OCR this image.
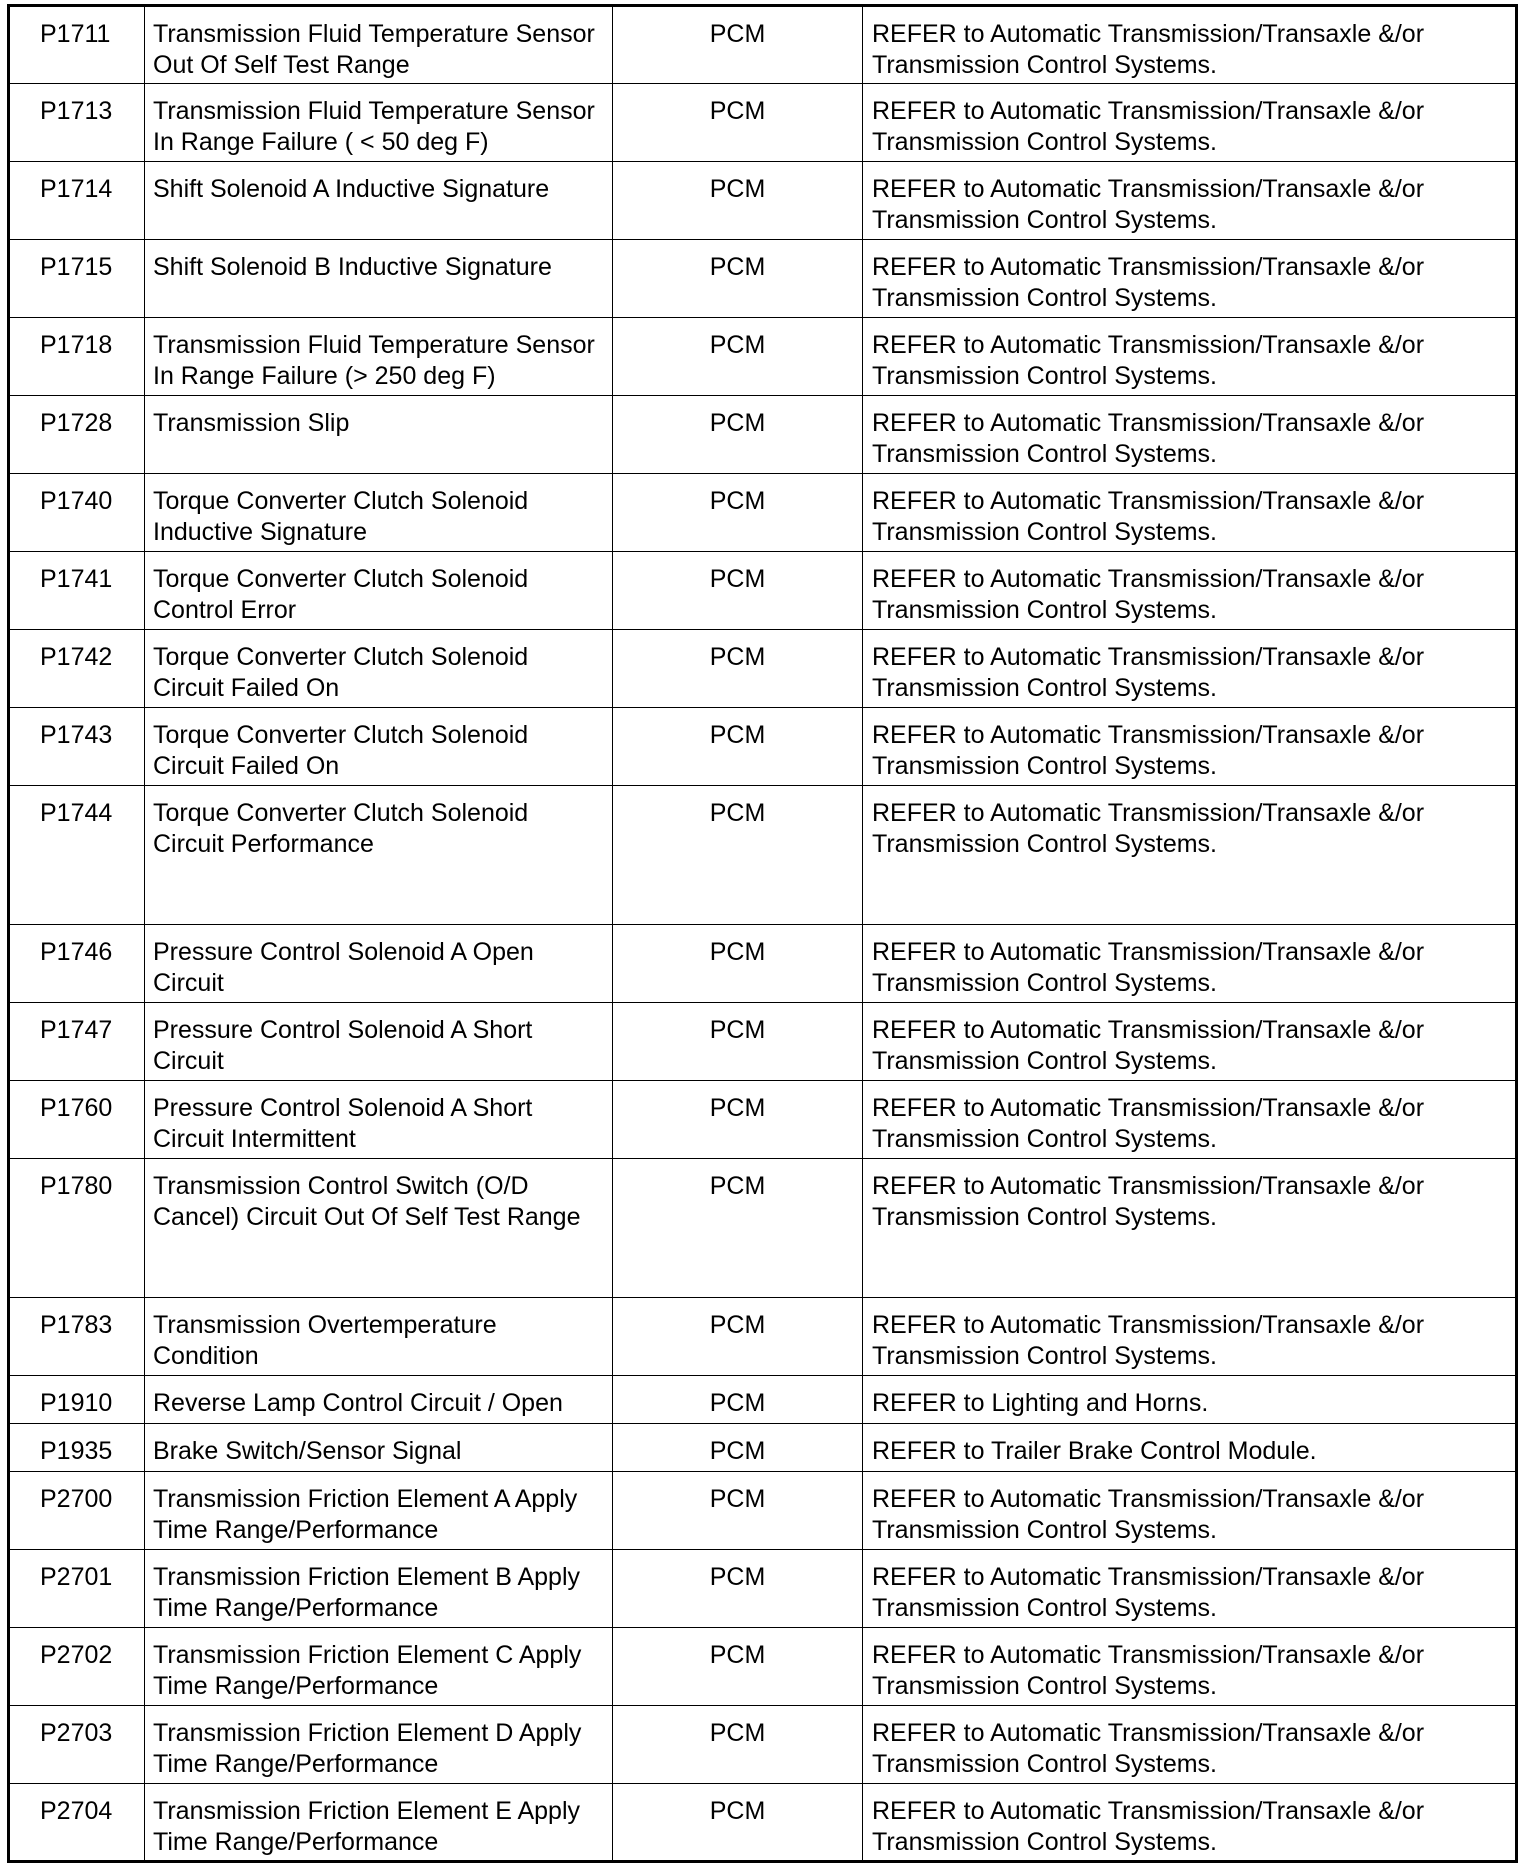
P1711	Transmission Fluid Temperature Sensor Out Of Self Test Range	PCM	REFER to Automatic Transmission/Transaxle &/or Transmission Control Systems.
P1713	Transmission Fluid Temperature Sensor In Range Failure ( < 50 deg F)	PCM	REFER to Automatic Transmission/Transaxle &/or Transmission Control Systems.
P1714	Shift Solenoid A Inductive Signature	PCM	REFER to Automatic Transmission/Transaxle &/or Transmission Control Systems.
P1715	Shift Solenoid B Inductive Signature	PCM	REFER to Automatic Transmission/Transaxle &/or Transmission Control Systems.
P1718	Transmission Fluid Temperature Sensor In Range Failure (> 250 deg F)	PCM	REFER to Automatic Transmission/Transaxle &/or Transmission Control Systems.
P1728	Transmission Slip	PCM	REFER to Automatic Transmission/Transaxle &/or Transmission Control Systems.
P1740	Torque Converter Clutch Solenoid Inductive Signature	PCM	REFER to Automatic Transmission/Transaxle &/or Transmission Control Systems.
P1741	Torque Converter Clutch Solenoid Control Error	PCM	REFER to Automatic Transmission/Transaxle &/or Transmission Control Systems.
P1742	Torque Converter Clutch Solenoid Circuit Failed On	PCM	REFER to Automatic Transmission/Transaxle &/or Transmission Control Systems.
P1743	Torque Converter Clutch Solenoid Circuit Failed On	PCM	REFER to Automatic Transmission/Transaxle &/or Transmission Control Systems.
P1744	Torque Converter Clutch Solenoid Circuit Performance	PCM	REFER to Automatic Transmission/Transaxle &/or Transmission Control Systems.
P1746	Pressure Control Solenoid A Open Circuit	PCM	REFER to Automatic Transmission/Transaxle &/or Transmission Control Systems.
P1747	Pressure Control Solenoid A Short Circuit	PCM	REFER to Automatic Transmission/Transaxle &/or Transmission Control Systems.
P1760	Pressure Control Solenoid A Short Circuit Intermittent	PCM	REFER to Automatic Transmission/Transaxle &/or Transmission Control Systems.
P1780	Transmission Control Switch (O/D Cancel) Circuit Out Of Self Test Range	PCM	REFER to Automatic Transmission/Transaxle &/or Transmission Control Systems.
P1783	Transmission Overtemperature Condition	PCM	REFER to Automatic Transmission/Transaxle &/or Transmission Control Systems.
P1910	Reverse Lamp Control Circuit / Open	PCM	REFER to Lighting and Horns.
P1935	Brake Switch/Sensor Signal	PCM	REFER to Trailer Brake Control Module.
P2700	Transmission Friction Element A Apply Time Range/Performance	PCM	REFER to Automatic Transmission/Transaxle &/or Transmission Control Systems.
P2701	Transmission Friction Element B Apply Time Range/Performance	PCM	REFER to Automatic Transmission/Transaxle &/or Transmission Control Systems.
P2702	Transmission Friction Element C Apply Time Range/Performance	PCM	REFER to Automatic Transmission/Transaxle &/or Transmission Control Systems.
P2703	Transmission Friction Element D Apply Time Range/Performance	PCM	REFER to Automatic Transmission/Transaxle &/or Transmission Control Systems.
P2704	Transmission Friction Element E Apply Time Range/Performance	PCM	REFER to Automatic Transmission/Transaxle &/or Transmission Control Systems.
